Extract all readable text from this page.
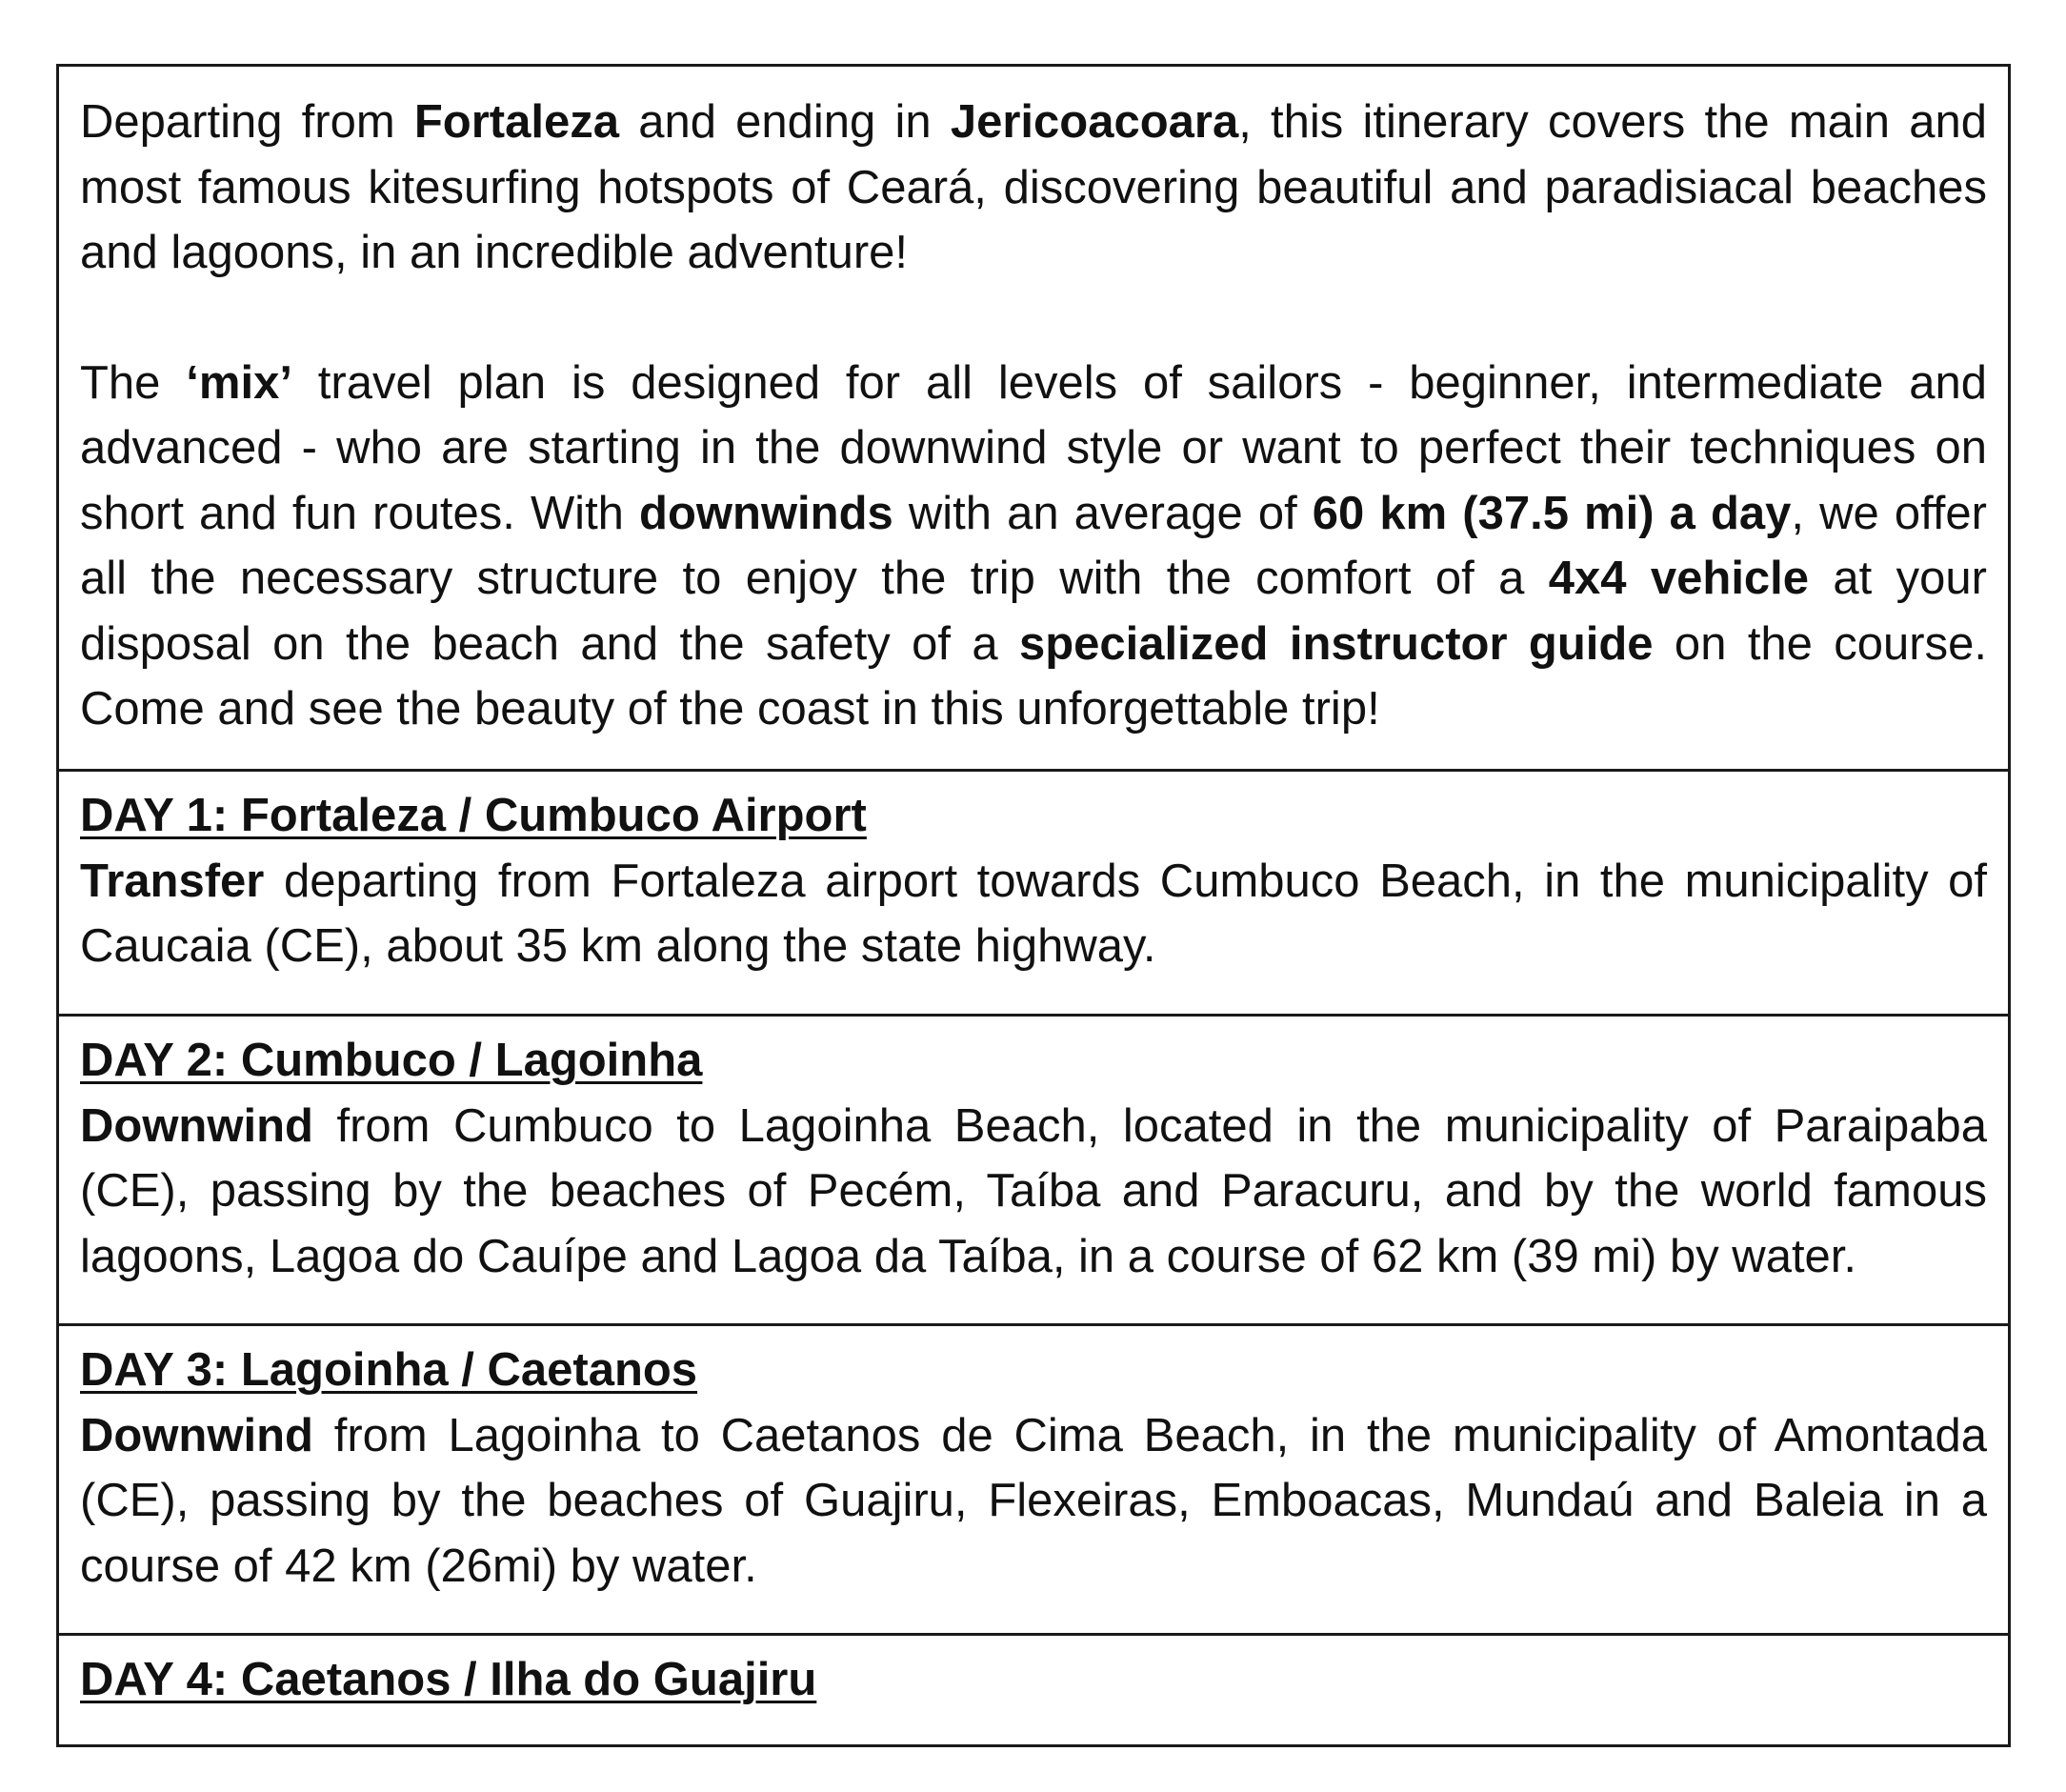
Departing from Fortaleza and ending in Jericoacoara, this itinerary covers the main and most famous kitesurfing hotspots of Ceará, discovering beautiful and paradisiacal beaches and lagoons, in an incredible adventure!

The ‘mix’ travel plan is designed for all levels of sailors - beginner, intermediate and advanced - who are starting in the downwind style or want to perfect their techniques on short and fun routes. With downwinds with an average of 60 km (37.5 mi) a day, we offer all the necessary structure to enjoy the trip with the comfort of a 4x4 vehicle at your disposal on the beach and the safety of a specialized instructor guide on the course. Come and see the beauty of the coast in this unforgettable trip!

DAY 1: Fortaleza / Cumbuco Airport

Transfer departing from Fortaleza airport towards Cumbuco Beach, in the municipality of Caucaia (CE), about 35 km along the state highway.

DAY 2: Cumbuco / Lagoinha

Downwind from Cumbuco to Lagoinha Beach, located in the municipality of Paraipaba (CE), passing by the beaches of Pecém, Taíba and Paracuru, and by the world famous lagoons, Lagoa do Cauípe and Lagoa da Taíba, in a course of 62 km (39 mi) by water.

DAY 3: Lagoinha / Caetanos

Downwind from Lagoinha to Caetanos de Cima Beach, in the municipality of Amontada (CE), passing by the beaches of Guajiru, Flexeiras, Emboacas, Mundaú and Baleia in a course of 42 km (26mi) by water.

DAY 4: Caetanos / Ilha do Guajiru
